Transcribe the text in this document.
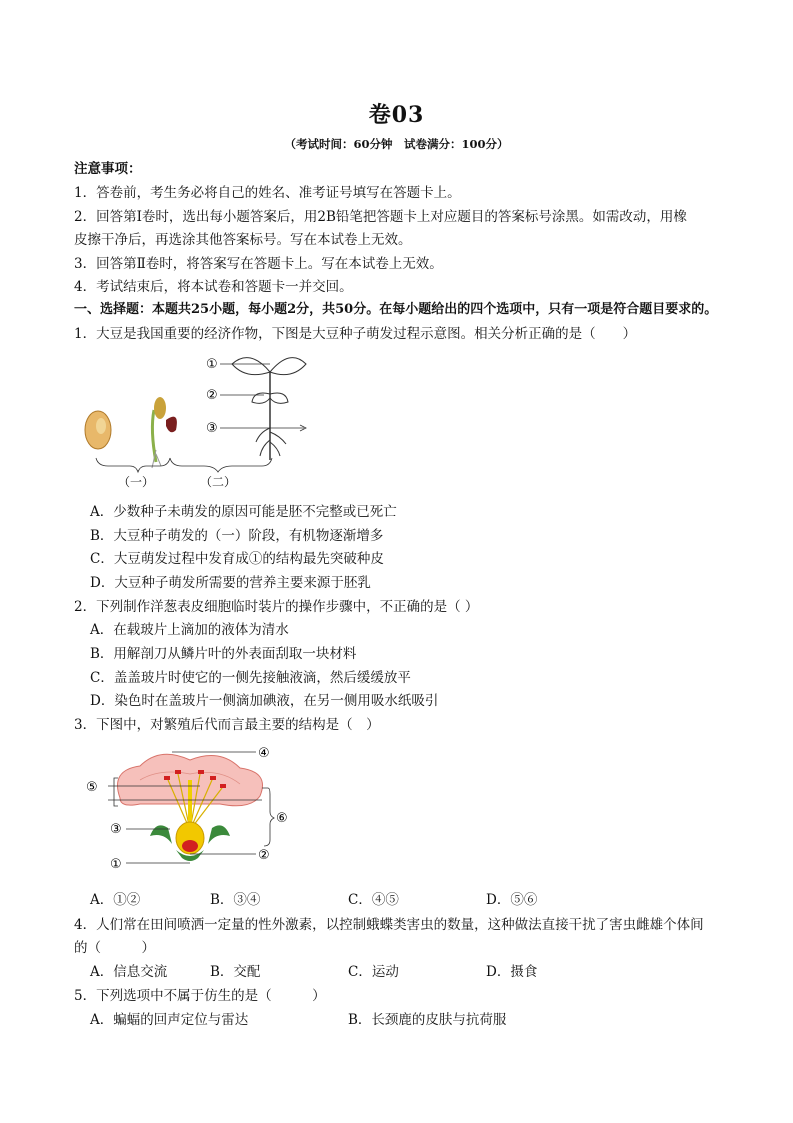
卷03
（考试时间：60分钟　试卷满分：100分）
注意事项：
1．答卷前，考生务必将自己的姓名、准考证号填写在答题卡上。
2．回答第Ⅰ卷时，选出每小题答案后，用2B铅笔把答题卡上对应题目的答案标号涂黑。如需改动，用橡
皮擦干净后，再选涂其他答案标号。写在本试卷上无效。
3．回答第Ⅱ卷时，将答案写在答题卡上。写在本试卷上无效。
4．考试结束后，将本试卷和答题卡一并交回。
一、选择题：本题共25小题，每小题2分，共50分。在每小题给出的四个选项中，只有一项是符合题目要求的。
1．大豆是我国重要的经济作物，下图是大豆种子萌发过程示意图。相关分析正确的是（　　）
①
②
③
（一）	（二）
A．少数种子未萌发的原因可能是胚不完整或已死亡
B．大豆种子萌发的（一）阶段，有机物逐渐增多
C．大豆萌发过程中发育成①的结构最先突破种皮
D．大豆种子萌发所需要的营养主要来源于胚乳
2．下列制作洋葱表皮细胞临时装片的操作步骤中，不正确的是（ ）
A．在载玻片上滴加的液体为清水
B．用解剖刀从鳞片叶的外表面刮取一块材料
C．盖盖玻片时使它的一侧先接触液滴，然后缓缓放平
D．染色时在盖玻片一侧滴加碘液，在另一侧用吸水纸吸引
3．下图中，对繁殖后代而言最主要的结构是（　）
④
⑤
⑥
③
②
①
A．①②	B．③④	C．④⑤	D．⑤⑥
4．人们常在田间喷洒一定量的性外激素，以控制蛾蝶类害虫的数量，这种做法直接干扰了害虫雌雄个体间
的（　　　）
A．信息交流	B．交配	C．运动	D．摄食
5．下列选项中不属于仿生的是（　　　）
A．蝙蝠的回声定位与雷达	B．长颈鹿的皮肤与抗荷服
